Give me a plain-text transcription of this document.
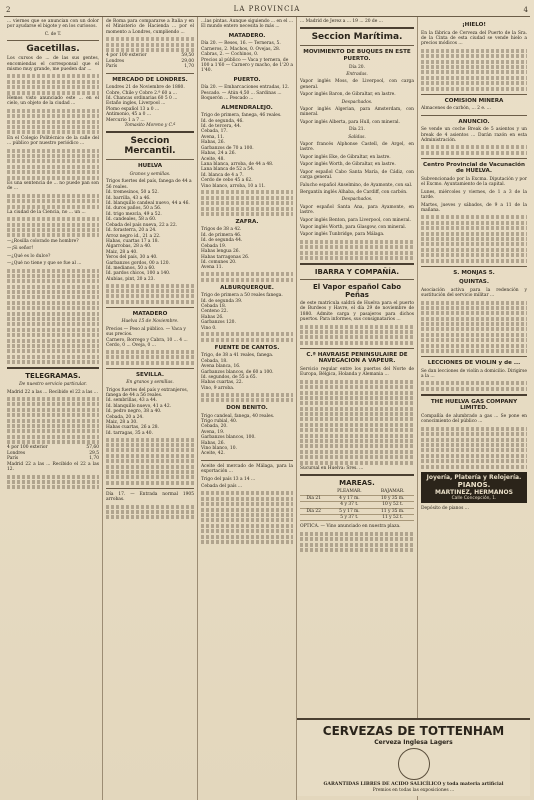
2	LA PROVINCIA	4
... viernes que se anuncian con un dolor por ayudarse el bigote y en los curiosos.
C. de T.
Gacetillas.
Los cursos de ... de las sus gentes, encomiendas el corresponsal que el mismo muy grande, me pueden dar ...
Hemos visto anunciado este ... en el cielo, un objeto de la ciudad ...
En el Colegio Politécnico de la calle del ... público por nuestro periódico ...
Es una sentencia de ... no puede pan son de ...
La ciudad de la Ciencia, no ... un ...
—¿Rosilla colorado me hombre?
—¡Si señor!
—¿Qué es lo dulce?
—¿Qué no tiene y que se fue al ...
TELEGRAMAS.
De nuestro servicio particular.
Madrid 22 a las ... Recibido el 22 a las ...
4 por 100 exterior	57,60
Londres	29,5
París	1,70
Madrid 22 a las ... Recibido el 22 a las 12.
de Roma para compararse a Italia y en el Ministerio de Hacienda ... por el momento a Londres, cumpliendo ...
4 por 100 exterior	59,50
Londres	29,00
París	1,70
MERCADO DE LONDRES.
Londres 21 de Noviembre de 1880.
Cobre, Chile y Cobre 2.ª 60 a ...
Id. Chancas ordinarias 60 5 0 ...
Estaño ingles, Liverpool ...
Plomo español 13 a 0 ...
Antimonio, 45 a 0 ...
Mercurio 1 a 7 ...
Tomasito Moreno y C.ª
Seccion Mercantil.
HUELVA
Granos y semillas.
Trigos fuertes del país, fanega de 44 a 56 reales.
Id. tremesinos, 50 a 52.
Id. barrilla, 43 a 46.
Id. blanquillo candeal nuevo, 44 a 46.
Id. duros paños, 50 a 56.
Id. trigo mezcla, 49 a 52.
Id. candeales, 58 a 60.
Cebada del país nueva, 22 a 22.
Id. forasterra, 20 a 24.
Arroz negro id., 21 a 22.
Habas, cuartas 17 a 18.
Algarrobas, 28 a 40.
Maiz, 28 a 40.
Yeros del país, 30 a 40.
Garbanzos gordos, 00 a 120.
Id. medianos, 50 a 60.
Id. pardos chicos, 100 a 140.
Alubias, pint, 20 a 23.
MATADERO
Huelva 15 de Noviembre.
Precios — Peso al público. — Vaca y sus precios.
Carnero, Borrego y Cabra, 10 ... 4 ...
Cerdo, 0 ... Oveja, 0 ...
SEVILLA.
En granos y semillas.
Trigos fuertes del país y extranjeros, fanega de 44 a 56 reales.
Id. sembrillas, 43 a 44.
Id. blanquillo nuevo, 41 a 42.
Id. pedro negro, 38 a 40.
Cebada, 20 a 24.
Maiz, 28 a 30.
Habas cuartas, 26 a 28.
Id. tarragas, 35 a 40.
Día 17. — Entrada normal 1905 arrobas.
...las pintas. Aunque siguiendo ... en el ... El mundo entero necesita lo más ...
MATADERO.
Día 20. — Reses, 16. — Terneras, 5.
Carneros, 2. Machos, 0. Ovejas, 28.
Cabras, 2. — Cochinos, 0.
Precios al público — Vaca y ternera, de 100 a 1'60 — Carnero y macho, de 1'20 a 1'40.
PUERTO.
Día 20. — Embarcaciones entradas, 12.
Pescado. — Atún 4,50 ... Sardinas ...
Boquerón ... Pescado ...
ALMENDRALEJO.
Trigo de primera, fanega, 46 reales.
Id. de segunda, 46.
Id. de tercera, 44.
Cebada, 17.
Avena, 11.
Habas, 26.
Garbanzos de 70 a 100.
Habas, 24 a 26.
Aceite, 48.
Lana blanca, arroba, de 44 a 48.
Lana blanca de 52 a 54.
Id. blanca de 4 a 7.
Cerdo de cebo 45 a 62.
Vino blanco, arroba, 10 a 11.
ZAFRA.
Trigos de 38 a 42.
Id. de primera 46.
Id. de segunda 44.
Cebada 19.
Habas lengua 26.
Habas tarragonas 26.
Id. comunes 20.
Avena 11.
ALBURQUERQUE.
Trigo de primera a 50 reales fanega.
Id. de segunda 39.
Cebada 18.
Centeno 22.
Habas 26.
Garbanzos 120.
Vino 0.
FUENTE DE CANTOS.
Trigo, de 38 a 41 reales, fanega.
Cebada, 18.
Avena blanca, 16.
Garbanzos blancos, de 60 a 100.
Id. segundos, de 55 a 65.
Habas cuartas, 22.
Vino, 9 arroba.
DON BENITO.
Trigo candeal, fanega, 40 reales.
Trigo rubial, 40.
Cebada, 20.
Avena, 19.
Garbanzos blancos, 100.
Habas, 26.
Vino blanco, 10.
Aceite, 42.
Aceite del mercado de Málaga, para la exportación ...
Trigo del país 13 a 14 ...
Cebada del país ...
... Madrid de Jerez a ... 19 ... 20 de ...
Seccion Marítima.
MOVIMIENTO DE BUQUES EN ESTE PUERTO.
Día 20.
Entradas.
Vapor inglés Moss, de Liverpool, con carga general.
Vapor inglés Baron, de Gibraltar, en lastre.
Despachados.
Vapor inglés Algerian, para Amsterdam, con mineral.
Vapor inglés Alberta, para Hull, con mineral.
Día 21.
Salidas.
Vapor francés Alphonse Castell, de Argel, en lastre.
Vapor inglés Eke, de Gibraltar, en lastre.
Vapor inglés Worth, de Gibraltar, en lastre.
Vapor español Cabo Santa María, de Cádiz, con carga general.
Falucho español Anselmino, de Ayamonte, con sal.
Bergantín inglés Alhaba, de Cardiff, con carbón.
Despachados.
Vapor español Santa Ana, para Ayamonte, en lastre.
Vapor inglés Benton, para Liverpool, con mineral.
Vapor inglés Worth, para Glasgow, con mineral.
Vapor inglés Tunbridge, para Málaga.
IBARRA Y COMPAÑÍA.
El Vapor español Cabo Peñas
de este matrícula saldrá de Huelva para el puerto de Burdeos y Havre, el día 29 de noviembre de 1880. Admite carga y pasajeros para dichos puertos. Para informes, sus consignatarios ...
C.ª HAVRAISE PENINSULAIRE DE NAVEGACION A VAPEUR.
Servicio regular entre los puertos del Norte de Europa, Bélgica, Holanda y Alemania ...
Sucursal en Huelva: Sres. ...
MAREAS.
	PLEAMAR.	BAJAMAR.
Día 21	4 y 17 m.	10 y 35 m.
	4 y 37 t.	10 y 52 t.
Día 22	5 y 17 m.	11 y 35 m.
	5 y 37 t.	11 y 52 t.
OPTICA. — Vino anunciado en nuestra plaza.
¡HIELO!
En la fábrica de Cerveza del Puerto de la Sra. de la Cinta de esta ciudad se vende hielo a precios módicos ...
COMISION MINERA
Almacenes de carbón, ... 2 e. ...
ANUNCIO.
Se vende un coche Break de 5 asientos y un break de 4 asientos ... Darán razón en esta Administración.
Centro Provincial de Vacunación de HUELVA.
Subvencionado por la Excma. Diputación y por el Excmo. Ayuntamiento de la capital.
Lunes, miércoles y viernes, de 1 a 3 de la tarde.
Martes, jueves y sábados, de 9 a 11 de la mañana.
S. MONJAS 5.
QUINTAS.
Asociación activa para la redención y sustitución del servicio militar ...
LECCIONES DE VIOLIN y de ...
Se dan lecciones de violín a domicilio. Dirigirse a la ...
THE HUELVA GAS COMPANY LIMITED.
Compañía de alumbrado a gas ... Se pone en conocimiento del público ...
Joyería, Platería y Relojería.
PIANOS.
MARTINEZ, HERMANOS
Calle Concepción, 1.
Depósito de pianos ...
CERVEZAS DE TOTTENHAM
Cerveza Inglesa Lagers
GARANTIDAS LIBRES DE ACIDO SALICÍLICO y toda materia artificial
Premios en todas las exposiciones ...
